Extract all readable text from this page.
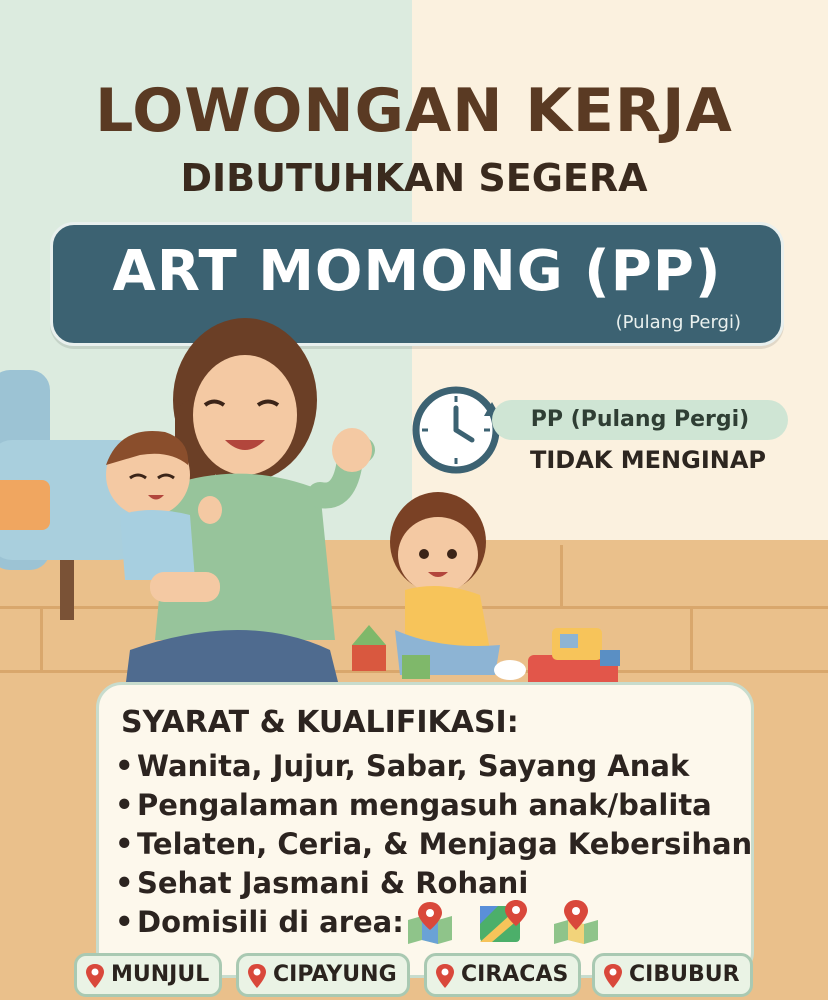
LOWONGAN KERJA
DIBUTUHKAN SEGERA
ART MOMONG (PP)
(Pulang Pergi)
PP (Pulang Pergi)
TIDAK MENGINAP
SYARAT & KUALIFIKASI:
• Wanita, Jujur, Sabar, Sayang Anak
• Pengalaman mengasuh anak/balita
• Telaten, Ceria, & Menjaga Kebersihan
• Sehat Jasmani & Rohani
• Domisili di area:
MUNJUL	CIPAYUNG	CIRACAS	CIBUBUR
